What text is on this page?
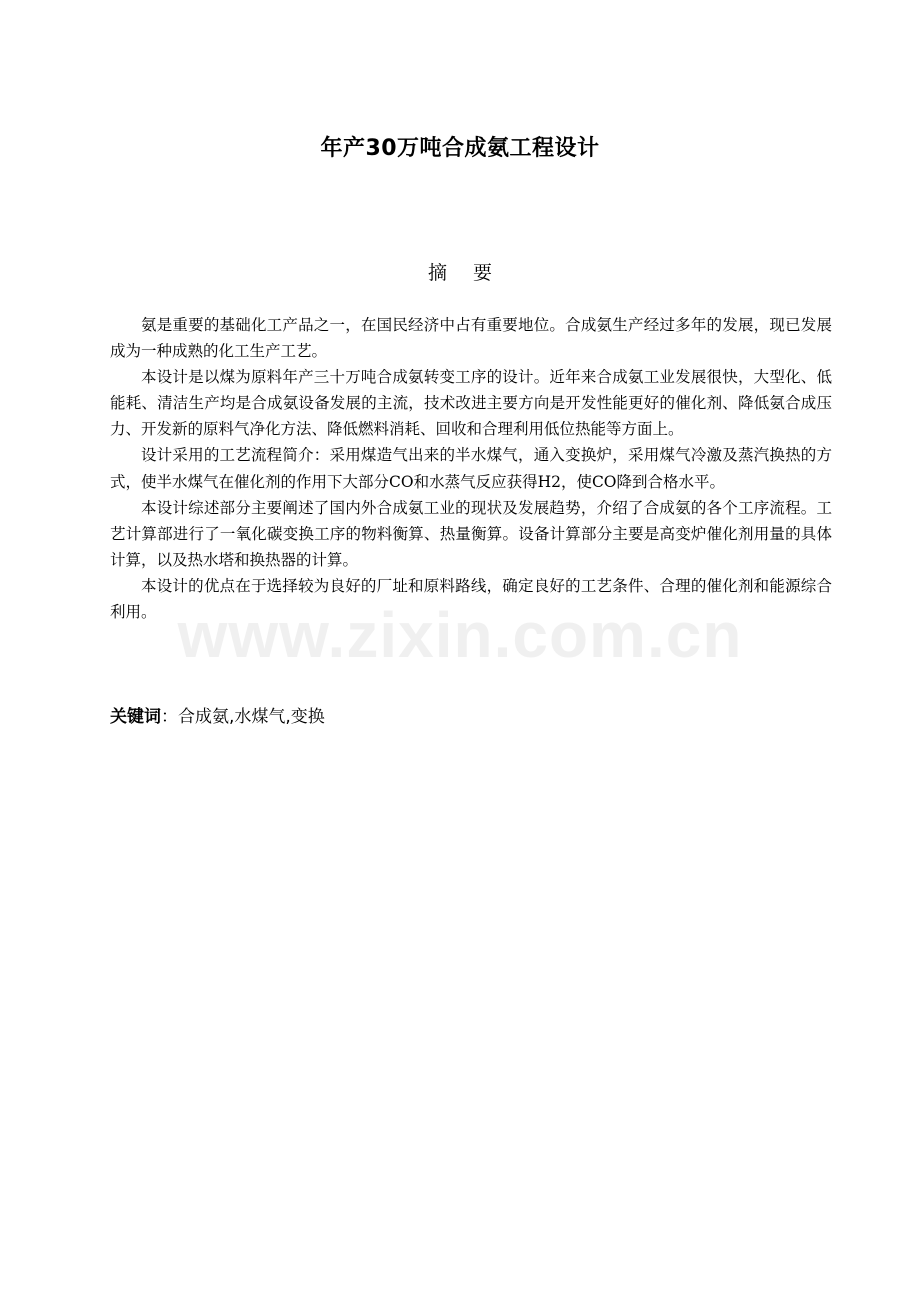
年产30万吨合成氨工程设计
摘 要

氨是重要的基础化工产品之一，在国民经济中占有重要地位。合成氨生产经过多年的发展，现已发展成为一种成熟的化工生产工艺。

本设计是以煤为原料年产三十万吨合成氨转变工序的设计。近年来合成氨工业发展很快，大型化、低能耗、清洁生产均是合成氨设备发展的主流，技术改进主要方向是开发性能更好的催化剂、降低氨合成压力、开发新的原料气净化方法、降低燃料消耗、回收和合理利用低位热能等方面上。

设计采用的工艺流程简介：采用煤造气出来的半水煤气，通入变换炉，采用煤气冷激及蒸汽换热的方式，使半水煤气在催化剂的作用下大部分CO和水蒸气反应获得H2，使CO降到合格水平。

本设计综述部分主要阐述了国内外合成氨工业的现状及发展趋势，介绍了合成氨的各个工序流程。工艺计算部进行了一氧化碳变换工序的物料衡算、热量衡算。设备计算部分主要是高变炉催化剂用量的具体计算，以及热水塔和换热器的计算。

本设计的优点在于选择较为良好的厂址和原料路线，确定良好的工艺条件、合理的催化剂和能源综合利用。

关键词：合成氨,水煤气,变换
www.zixin.com.cn
